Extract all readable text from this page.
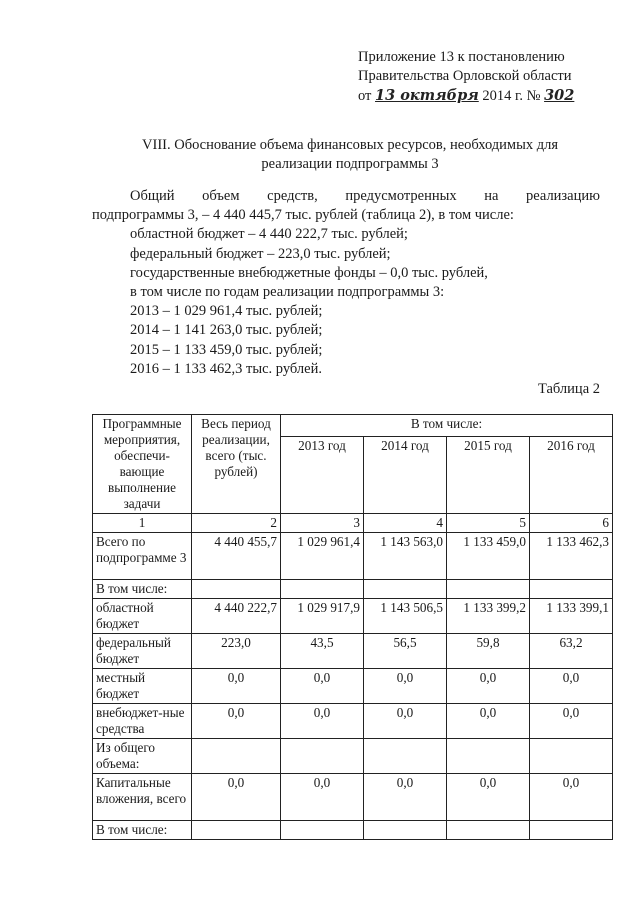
Приложение 13 к постановлению
Правительства Орловской области
от 13 октября 2014 г. № 302
VIII. Обоснование объема финансовых ресурсов, необходимых для
реализации подпрограммы 3

Общий объем средств, предусмотренных на реализацию

подпрограммы 3, – 4 440 445,7 тыс. рублей (таблица 2), в том числе:

областной бюджет – 4 440 222,7 тыс. рублей;

федеральный бюджет – 223,0 тыс. рублей;

государственные внебюджетные фонды – 0,0 тыс. рублей,

в том числе по годам реализации подпрограммы 3:

2013 – 1 029 961,4 тыс. рублей;

2014 – 1 141 263,0 тыс. рублей;

2015 – 1 133 459,0 тыс. рублей;

2016 – 1 133 462,3 тыс. рублей.

Таблица 2
Программные мероприятия, обеспечи-вающие выполнение задачи	Весь период реализации, всего (тыс. рублей)	В том числе:			
		2013 год	2014 год	2015 год	2016 год
1	2	3	4	5	6
Всего по подпрограмме 3	4 440 455,7	1 029 961,4	1 143 563,0	1 133 459,0	1 133 462,3
В том числе:					
областной бюджет	4 440 222,7	1 029 917,9	1 143 506,5	1 133 399,2	1 133 399,1
федеральный бюджет	223,0	43,5	56,5	59,8	63,2
местный бюджет	0,0	0,0	0,0	0,0	0,0
внебюджет-ные средства	0,0	0,0	0,0	0,0	0,0
Из общего объема:					
Капитальные вложения, всего	0,0	0,0	0,0	0,0	0,0
В том числе:					
